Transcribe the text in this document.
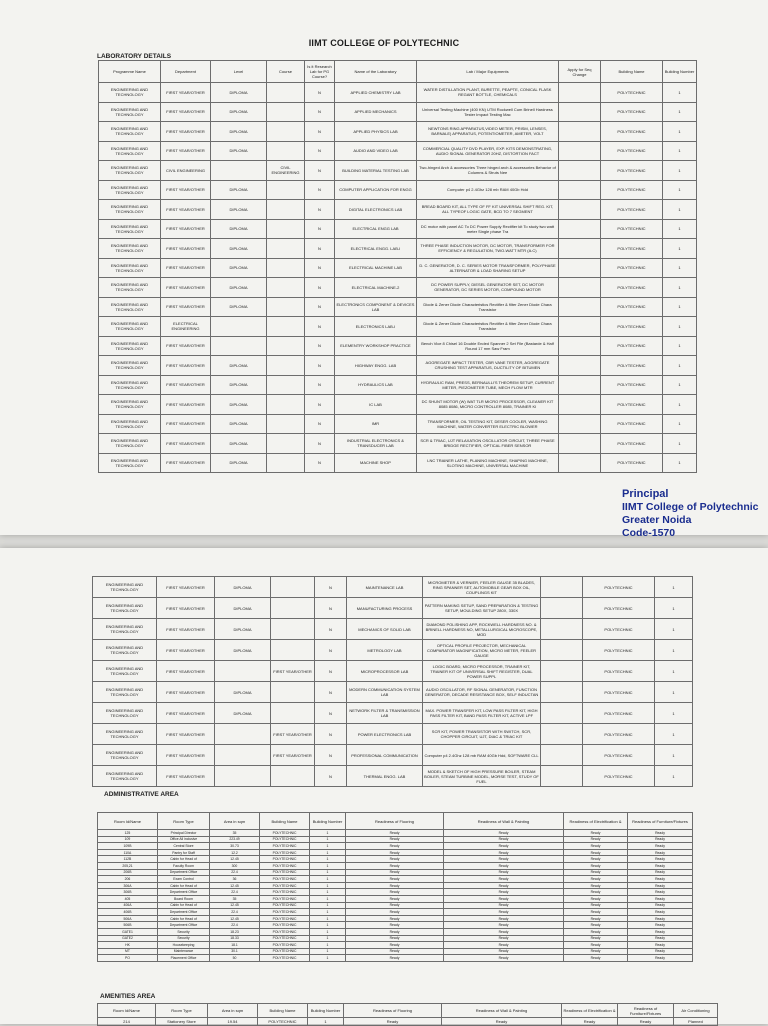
IIMT COLLEGE OF POLYTECHNIC
LABORATORY DETAILS
Programme Name	Department	Level	Course	Is it Research Lab for PG Course?	Name of the Laboratory	Lab / Major Equipments	Apply for Seq Change	Building Name	Building Number
ENGINEERING AND TECHNOLOGY	FIRST YEAR/OTHER	DIPLOMA		N	APPLIED CHEMISTRY LAB	WATER DISTILLATION PLANT, BURETTE, PEAPTE, CONICAL FLASK REGANT BOTTLE, CHEMICALS		POLYTECHNIC	1
ENGINEERING AND TECHNOLOGY	FIRST YEAR/OTHER	DIPLOMA		N	APPLIED MECHANICS	Universal Testing Machine (400 KN) UTM Rockwell Cum Brinell Hardness Tester Impact Testing Mac		POLYTECHNIC	1
ENGINEERING AND TECHNOLOGY	FIRST YEAR/OTHER	DIPLOMA		N	APPLIED PHYSICS LAB	NEWTONS RING APPARATUS,VIDEO METER, PRISM, LENSES, BARNALE) APPARATUS, POTENTIOMETER, AMETER, VOLT		POLYTECHNIC	1
ENGINEERING AND TECHNOLOGY	FIRST YEAR/OTHER	DIPLOMA		N	AUDIO AND VIDEO LAB	COMMERCIAL QUALITY DVD PLAYER, EXP. KITS DEMONSTRATING, AUDIO SIGNAL GENERATOR 20HZ, DISTORTION FACT		POLYTECHNIC	1
ENGINEERING AND TECHNOLOGY	CIVIL ENGINEERING		CIVIL ENGINEERING	N	BUILDING MATERIAL TESTING LAB	Two-hinged Arch & accessories Three hinged arch & accessories Behavior of Columns & Struts Nee		POLYTECHNIC	1
ENGINEERING AND TECHNOLOGY	FIRST YEAR/OTHER	DIPLOMA		N	COMPUTER APPLICATION FOR ENGG	Computer p4 2.4Ghz 128 mb RAM 40Gb Hdd		POLYTECHNIC	1
ENGINEERING AND TECHNOLOGY	FIRST YEAR/OTHER	DIPLOMA		N	DIGITAL ELECTRONICS LAB	BREAD BOARD KIT, ALL TYPE OF FF KIT UNIVERSAL SHIFT REG. KIT, ALL TYPEOF LOGIC GATE, BCD TO 7 SEGMENT		POLYTECHNIC	1
ENGINEERING AND TECHNOLOGY	FIRST YEAR/OTHER	DIPLOMA		N	ELECTRICAL ENGG LAB	DC motor with panel AC To DC Power Supply Rectifier kit To study two watt meter Single phase Tra		POLYTECHNIC	1
ENGINEERING AND TECHNOLOGY	FIRST YEAR/OTHER	DIPLOMA		N	ELECTRICAL ENGG. LAB-I	THREE PHASE INDUCTION MOTOR, DC MOTOR, TRANSFORMER FOR EFFICIENCY & REGULATION, TWO-WATT MTR (A.C)		POLYTECHNIC	1
ENGINEERING AND TECHNOLOGY	FIRST YEAR/OTHER	DIPLOMA		N	ELECTRICAL MACHINE LAB	D. C. GENERATOR, D. C. SERIES MOTOR TRANSFORMER, POLYPHASE ALTERNATOR & LOAD SHARING SETUP		POLYTECHNIC	1
ENGINEERING AND TECHNOLOGY	FIRST YEAR/OTHER	DIPLOMA		N	ELECTRICAL MACHINE-2	DC POWER SUPPLY, DIESEL GENERATOR SET, DC MOTOR GENERATOR, DC SERIES MOTOR, COMPOUND MOTOR		POLYTECHNIC	1
ENGINEERING AND TECHNOLOGY	FIRST YEAR/OTHER	DIPLOMA		N	ELECTRONICS COMPONENT & DEVICES LAB	Diode & Zener Diode Characteristics Rectifier & filter Zener Diode Chara Transistor		POLYTECHNIC	1
ENGINEERING AND TECHNOLOGY	ELECTRICAL ENGINEERING			N	ELECTRONICS LAB-I	Diode & Zener Diode Characteristics Rectifier & filter Zener Diode Chara Transistor		POLYTECHNIC	1
ENGINEERING AND TECHNOLOGY	FIRST YEAR/OTHER			N	ELEMENTRY WORKSHOP PRACTICE	Bench Vice 8 Chisel 16 Double Ended Spanner 2 Set File (Bastarde & Half Round 17 mm Saw Fram		POLYTECHNIC	1
ENGINEERING AND TECHNOLOGY	FIRST YEAR/OTHER	DIPLOMA		N	HIGHWAY ENGG. LAB	AGGREGATE IMPACT TESTER, CBR VANE TESTER, AGGREGATE CRUSHING TEST APPARATUS, DUCTILITY OF BITUMEN		POLYTECHNIC	1
ENGINEERING AND TECHNOLOGY	FIRST YEAR/OTHER	DIPLOMA		N	HYDRAULICS LAB	HYDRAULIC RAM, PRESS, BERNAULLI'S THEOREM SETUP, CURRENT METER, PIEZOMETER TUBE, MECH FLOW MTR		POLYTECHNIC	1
ENGINEERING AND TECHNOLOGY	FIRST YEAR/OTHER	DIPLOMA		N	IC LAB	DC SHUNT MOTOR (W) WAT TLR MICRO PROCESSOR, CLEANER KIT 8085 8086, MICRO CONTROLLER 8085, TRAINER KI		POLYTECHNIC	1
ENGINEERING AND TECHNOLOGY	FIRST YEAR/OTHER	DIPLOMA		N	IMR	TRANSFORMER, OIL TESTING KIT, DESER COOLER, WASHING MACHINE, WATER CONVERTER ELECTRIC BLOWER		POLYTECHNIC	1
ENGINEERING AND TECHNOLOGY	FIRST YEAR/OTHER	DIPLOMA		N	INDUSTRIAL ELECTRONICS & TRANSDUCER LAB	SCR & TRIAC, UJT RELAXATION OSCILLATOR CIRCUIT, THREE PHASE BRIDGE RECTIFIER, OPTICAL FIBER SENSOR		POLYTECHNIC	1
ENGINEERING AND TECHNOLOGY	FIRST YEAR/OTHER	DIPLOMA		N	MACHINE SHOP	LNC TRAINER LATHE, PLANING MACHINE, SHAPING MACHINE, SLOTING MACHINE, UNIVERSAL MACHINE		POLYTECHNIC	1
Principal
IIMT College of Polytechnic
Greater Noida
Code-1570
ENGINEERING AND TECHNOLOGY	FIRST YEAR/OTHER	DIPLOMA		N	MAINTENANCE LAB	MICROMETER & VERNIER, FEELER GAUGE 35 BLADES, RING SPANNER SET, AUTOMOBILE GEAR BOX OIL, COUPLINGS KIT		POLYTECHNIC	1
ENGINEERING AND TECHNOLOGY	FIRST YEAR/OTHER	DIPLOMA		N	MANUFACTURING PROCESS	PATTERN MAKING SETUP, SAND PREPARATION & TESTING SETUP, MOULDING SETUP 280X, 330X		POLYTECHNIC	1
ENGINEERING AND TECHNOLOGY	FIRST YEAR/OTHER	DIPLOMA		N	MECHANICS OF SOLID LAB	DIAMOND POLISHING APP, ROCKWELL HARDNESS NO. & BRINELL HARDNESS NO, METALLURGICAL MICROSCOPE, MOD		POLYTECHNIC	1
ENGINEERING AND TECHNOLOGY	FIRST YEAR/OTHER	DIPLOMA		N	METROLOGY LAB	OPTICAL PROFILE PROJECTOR, MECHANICAL COMPARATOR MAGNIFICATION, MICRO METER, FEELER GAUGE		POLYTECHNIC	1
ENGINEERING AND TECHNOLOGY	FIRST YEAR/OTHER		FIRST YEAR/OTHER	N	MICROPROCESSOR LAB	LOGIC BOARD, MICRO PROCESSOR, TRAINER KIT, TRAINER KIT OF UNIVERSAL SHIFT REGISTER, DUAL POWER SUPPL		POLYTECHNIC	1
ENGINEERING AND TECHNOLOGY	FIRST YEAR/OTHER	DIPLOMA		N	MODERN COMMUNICATION SYSTEM LAB	AUDIO OSCILLATOR, RF SIGNAL GENERATOR, FUNCTION GENERATOR, DECADE RESISTANCE BOX, SELF INDUCTAN		POLYTECHNIC	1
ENGINEERING AND TECHNOLOGY	FIRST YEAR/OTHER	DIPLOMA		N	NETWORK FILTER & TRANSMISSION LAB	MAX. POWER TRANSFER KIT, LOW PASS FILTER KIT, HIGH PASS FILTER KIT, BAND PASS FILTER KIT, ACTIVE LPF		POLYTECHNIC	1
ENGINEERING AND TECHNOLOGY	FIRST YEAR/OTHER		FIRST YEAR/OTHER	N	POWER ELECTRONICS LAB	SCR KIT, POWER TRANSISTOR WITH SWITCH, SCR, CHOPPER CIRCUIT, UJT, DIAC & TRIAC KIT		POLYTECHNIC	1
ENGINEERING AND TECHNOLOGY	FIRST YEAR/OTHER		FIRST YEAR/OTHER	N	PROFESSIONAL COMMUNICATION	Computer p4 2.4Ghz 128 mb RAM 40Gb Hdd, SOFTWARE CLL		POLYTECHNIC	1
ENGINEERING AND TECHNOLOGY	FIRST YEAR/OTHER			N	THERMAL ENGG. LAB	MODEL & SKETCH OF HIGH PRESSURE BOILER, STEAM BOILER, STEAM TURBINE MODEL, MORSE TEST, STUDY OF FUEL		POLYTECHNIC	1
ADMINISTRATIVE AREA
Room Id/Name	Room Type	Area in sqm	Building Name	Building Number	Readiness of Flooring	Readiness of Wall & Painting	Readiness of Electrification &	Readiness of Furniture/Fixtures
125	Principal Director	35	POLYTECHNIC	1	Ready	Ready	Ready	Ready
109	Office All inclusive	223.49	POLYTECHNIC	1	Ready	Ready	Ready	Ready
109B	Central Store	30.73	POLYTECHNIC	1	Ready	Ready	Ready	Ready
110A	Pantry for Staff	12.2	POLYTECHNIC	1	Ready	Ready	Ready	Ready
112B	Cabin for Head of	12.45	POLYTECHNIC	1	Ready	Ready	Ready	Ready
205,21	Faculty Room	300	POLYTECHNIC	1	Ready	Ready	Ready	Ready
206B	Department Office	22.4	POLYTECHNIC	1	Ready	Ready	Ready	Ready
206	Exam Control	36	POLYTECHNIC	1	Ready	Ready	Ready	Ready
306A	Cabin for Head of	12.45	POLYTECHNIC	1	Ready	Ready	Ready	Ready
306B	Department Office	22.4	POLYTECHNIC	1	Ready	Ready	Ready	Ready
405	Board Room	35	POLYTECHNIC	1	Ready	Ready	Ready	Ready
406A	Cabin for Head of	12.45	POLYTECHNIC	1	Ready	Ready	Ready	Ready
406B	Department Office	22.4	POLYTECHNIC	1	Ready	Ready	Ready	Ready
506A	Cabin for Head of	12.45	POLYTECHNIC	1	Ready	Ready	Ready	Ready
506B	Department Office	22.4	POLYTECHNIC	1	Ready	Ready	Ready	Ready
GATE1	Security	18.23	POLYTECHNIC	1	Ready	Ready	Ready	Ready
GATE2	Security	18.33	POLYTECHNIC	1	Ready	Ready	Ready	Ready
HK	Housekeeping	18.1	POLYTECHNIC	1	Ready	Ready	Ready	Ready
MT	Maintenance	30.1	POLYTECHNIC	1	Ready	Ready	Ready	Ready
PO	Placement Office	50	POLYTECHNIC	1	Ready	Ready	Ready	Ready
AMENITIES AREA
Room Id/Name	Room Type	Area in sqm	Building Name	Building Number	Readiness of Flooring	Readiness of Wall & Painting	Readiness of Electrification &	Readiness of Furniture/Fixtures	Air Conditioning
214	Stationery Store	19.54	POLYTECHNIC	1	Ready	Ready	Ready	Ready	Planned
